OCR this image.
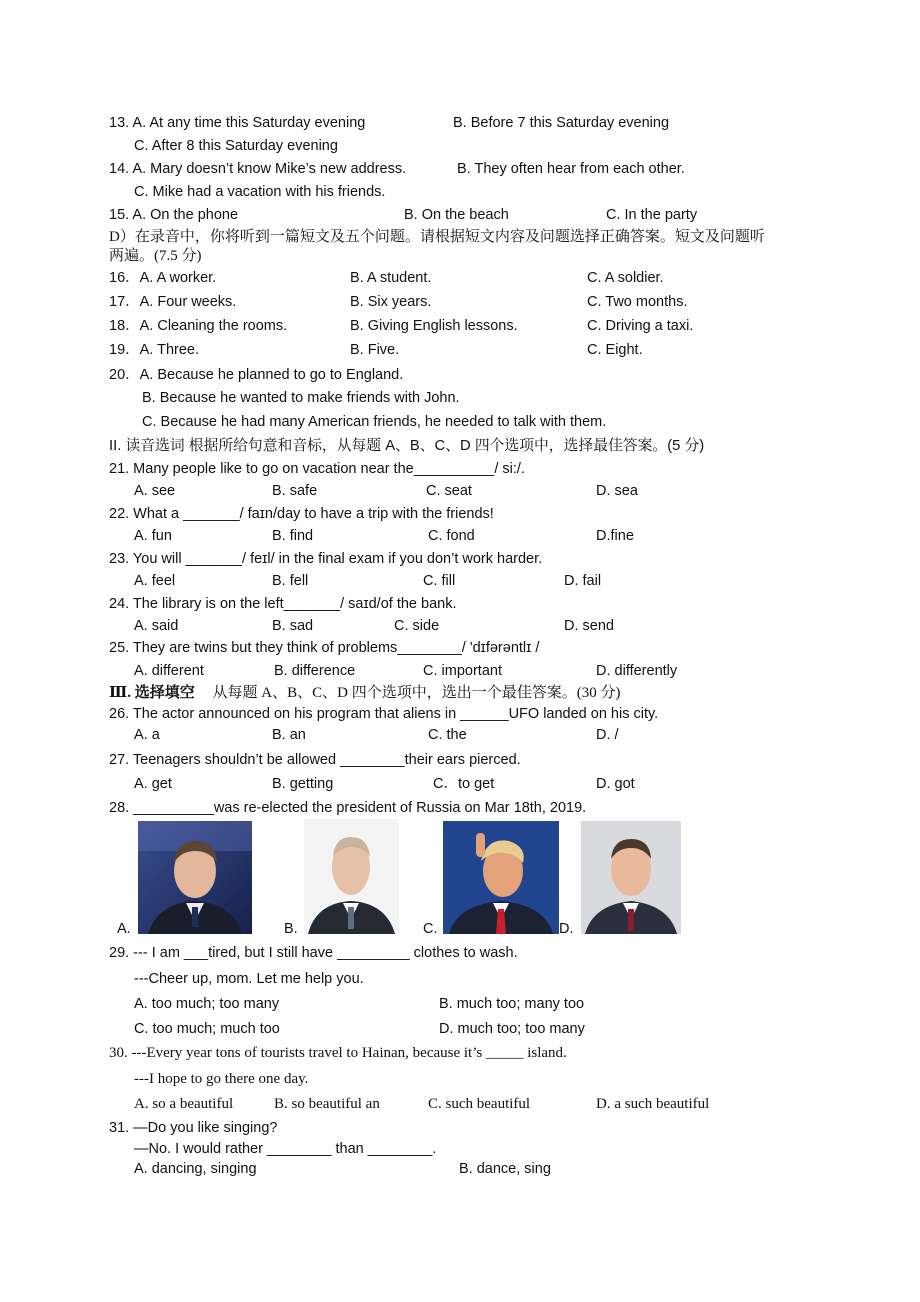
13. A. At any time this Saturday evening	B. Before 7 this Saturday evening
C. After 8 this Saturday evening
14. A. Mary doesn’t know Mike’s new address.	B. They often hear from each other.
C. Mike had a vacation with his friends.
15. A. On the phone	B. On the beach	C. In the party
D）在录音中，你将听到一篇短文及五个问题。请根据短文内容及问题选择正确答案。短文及问题听
两遍。(7.5 分)
16．A. A worker.	B. A student.	C. A soldier.
17．A. Four weeks.	B. Six years.	C. Two months.
18．A. Cleaning the rooms.	B. Giving English lessons.	C. Driving a taxi.
19．A. Three.	B. Five.	C. Eight.
20．A. Because he planned to go to England.
B. Because he wanted to make friends with John.
C. Because he had many American friends, he needed to talk with them.
II. 读音选词 根据所给句意和音标，从每题 A、B、C、D 四个选项中，选择最佳答案。(5 分)
21. Many people like to go on vacation near the__________/ si:/.
A. see	B. safe	C. seat	D. sea
22. What a _______/ faɪn/day to have a trip with the friends!
A. fun	B. find	C. fond	D.fine
23. You will _______/ feɪl/ in the final exam if you don’t work harder.
A. feel	B. fell	C. fill	D. fail
24. The library is on the left_______/ saɪd/of the bank.
A. said	B. sad	C. side	D. send
25. They are twins but they think of problems________/ 'dɪfərəntlɪ /
A. different	B. difference	C. important	D. differently
Ⅲ. 选择填空 从每题 A、B、C、D 四个选项中，选出一个最佳答案。(30 分)
26. The actor announced on his program that aliens in ______UFO landed on his city.
A. a	B. an	C. the	D. /
27. Teenagers shouldn’t be allowed ________their ears pierced.
A. get	B. getting	C．to get	D. got
28. __________was re-elected the president of Russia on Mar 18th, 2019.
A.	B.	C.	D.
29. --- I am ___tired, but I still have _________ clothes to wash.
---Cheer up, mom. Let me help you.
A. too much; too many	B. much too; many too
C. too much; much too	D. much too; too many
30. ---Every year tons of tourists travel to Hainan, because it’s _____ island.
---I hope to go there one day.
A. so a beautiful	B. so beautiful an	C. such beautiful	D. a such beautiful
31. —Do you like singing?
—No. I would rather ________ than ________.
A. dancing, singing	B. dance, sing
